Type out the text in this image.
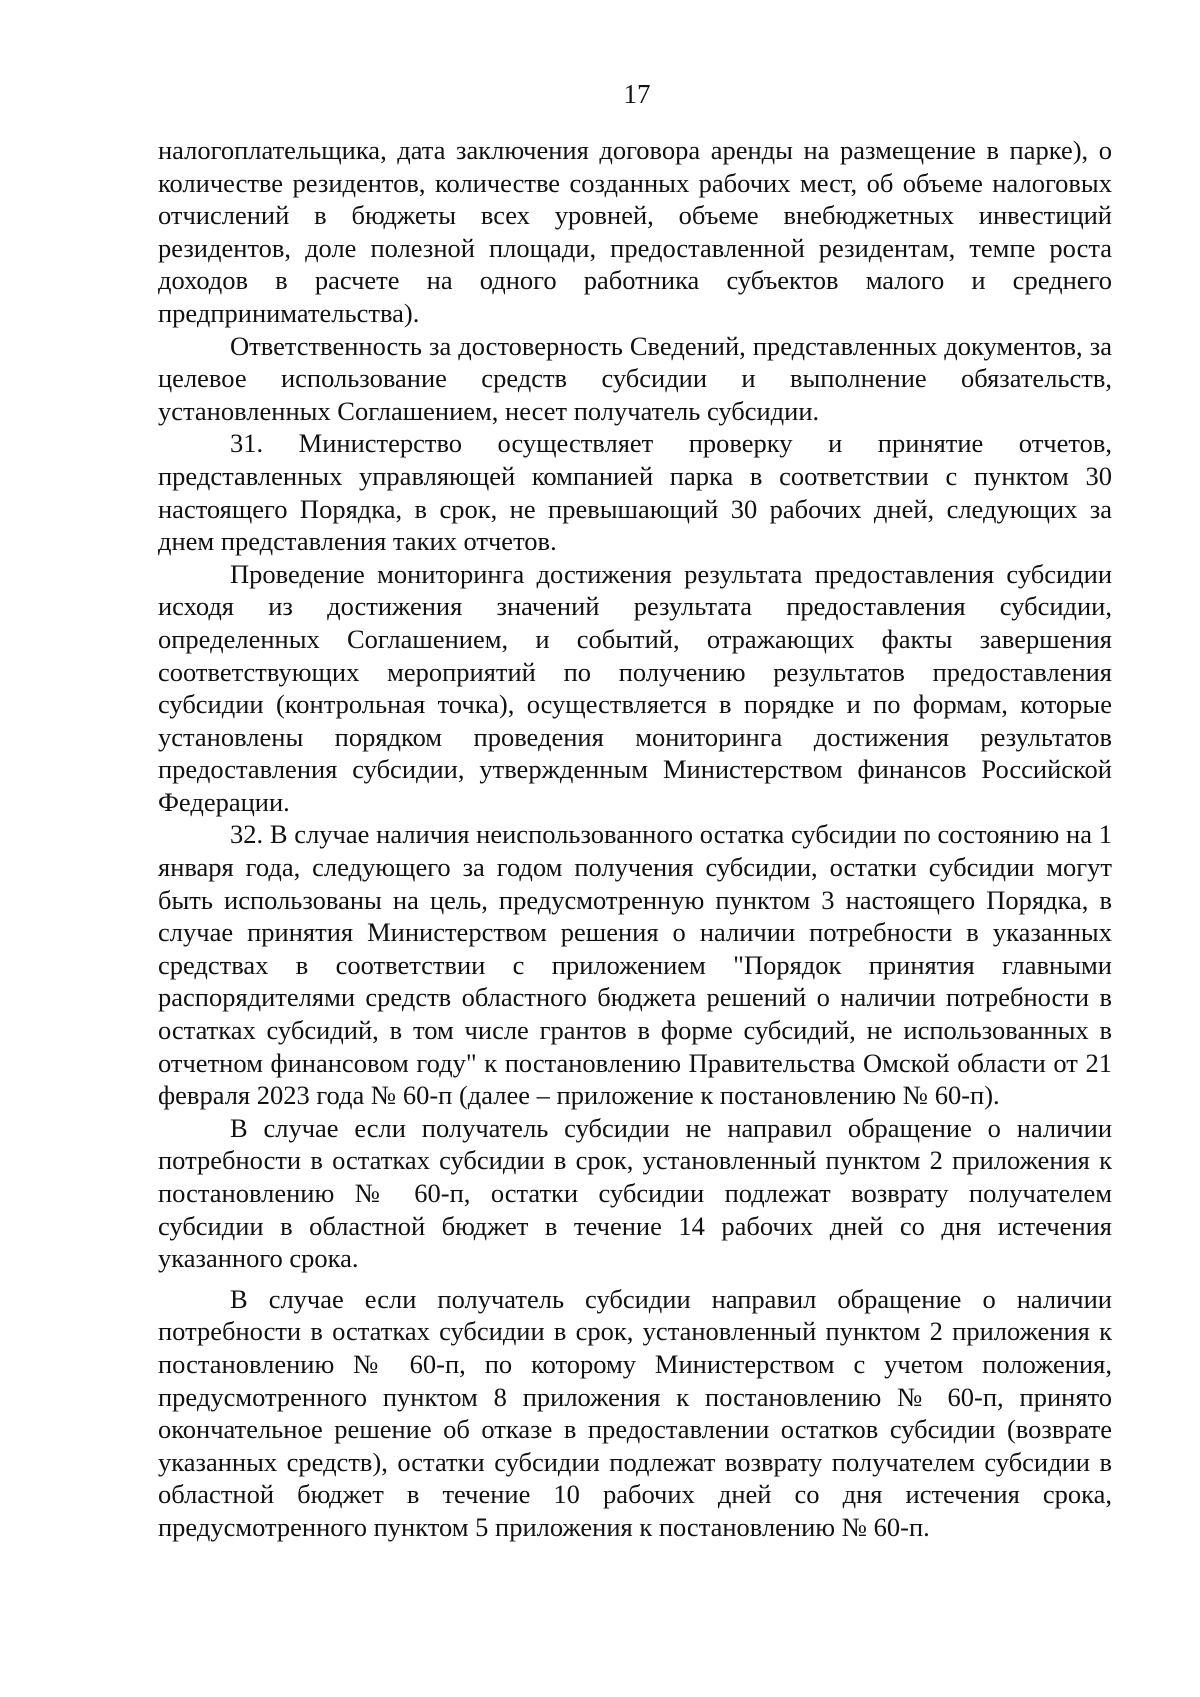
17

налогоплательщика, дата заключения договора аренды на размещение в парке), о количестве резидентов, количестве созданных рабочих мест, об объеме налоговых отчислений в бюджеты всех уровней, объеме внебюджетных инвестиций резидентов, доле полезной площади, предоставленной резидентам, темпе роста доходов в расчете на одного работника субъектов малого и среднего предпринимательства).

Ответственность за достоверность Сведений, представленных документов, за целевое использование средств субсидии и выполнение обязательств, установленных Соглашением, несет получатель субсидии.

31. Министерство осуществляет проверку и принятие отчетов, представленных управляющей компанией парка в соответствии с пунктом 30 настоящего Порядка, в срок, не превышающий 30 рабочих дней, следующих за днем представления таких отчетов.

Проведение мониторинга достижения результата предоставления субсидии исходя из достижения значений результата предоставления субсидии, определенных Соглашением, и событий, отражающих факты завершения соответствующих мероприятий по получению результатов предоставления субсидии (контрольная точка), осуществляется в порядке и по формам, которые установлены порядком проведения мониторинга достижения результатов предоставления субсидии, утвержденным Министерством финансов Российской Федерации.

32. В случае наличия неиспользованного остатка субсидии по состоянию на 1 января года, следующего за годом получения субсидии, остатки субсидии могут быть использованы на цель, предусмотренную пунктом 3 настоящего Порядка, в случае принятия Министерством решения о наличии потребности в указанных средствах в соответствии с приложением "Порядок принятия главными распорядителями средств областного бюджета решений о наличии потребности в остатках субсидий, в том числе грантов в форме субсидий, не использованных в отчетном финансовом году" к постановлению Правительства Омской области от 21 февраля 2023 года № 60-п (далее – приложение к постановлению № 60-п).

В случае если получатель субсидии не направил обращение о наличии потребности в остатках субсидии в срок, установленный пунктом 2 приложения к постановлению № 60-п, остатки субсидии подлежат возврату получателем субсидии в областной бюджет в течение 14 рабочих дней со дня истечения указанного срока.

В случае если получатель субсидии направил обращение о наличии потребности в остатках субсидии в срок, установленный пунктом 2 приложения к постановлению № 60-п, по которому Министерством с учетом положения, предусмотренного пунктом 8 приложения к постановлению № 60-п, принято окончательное решение об отказе в предоставлении остатков субсидии (возврате указанных средств), остатки субсидии подлежат возврату получателем субсидии в областной бюджет в течение 10 рабочих дней со дня истечения срока, предусмотренного пунктом 5 приложения к постановлению № 60-п.
